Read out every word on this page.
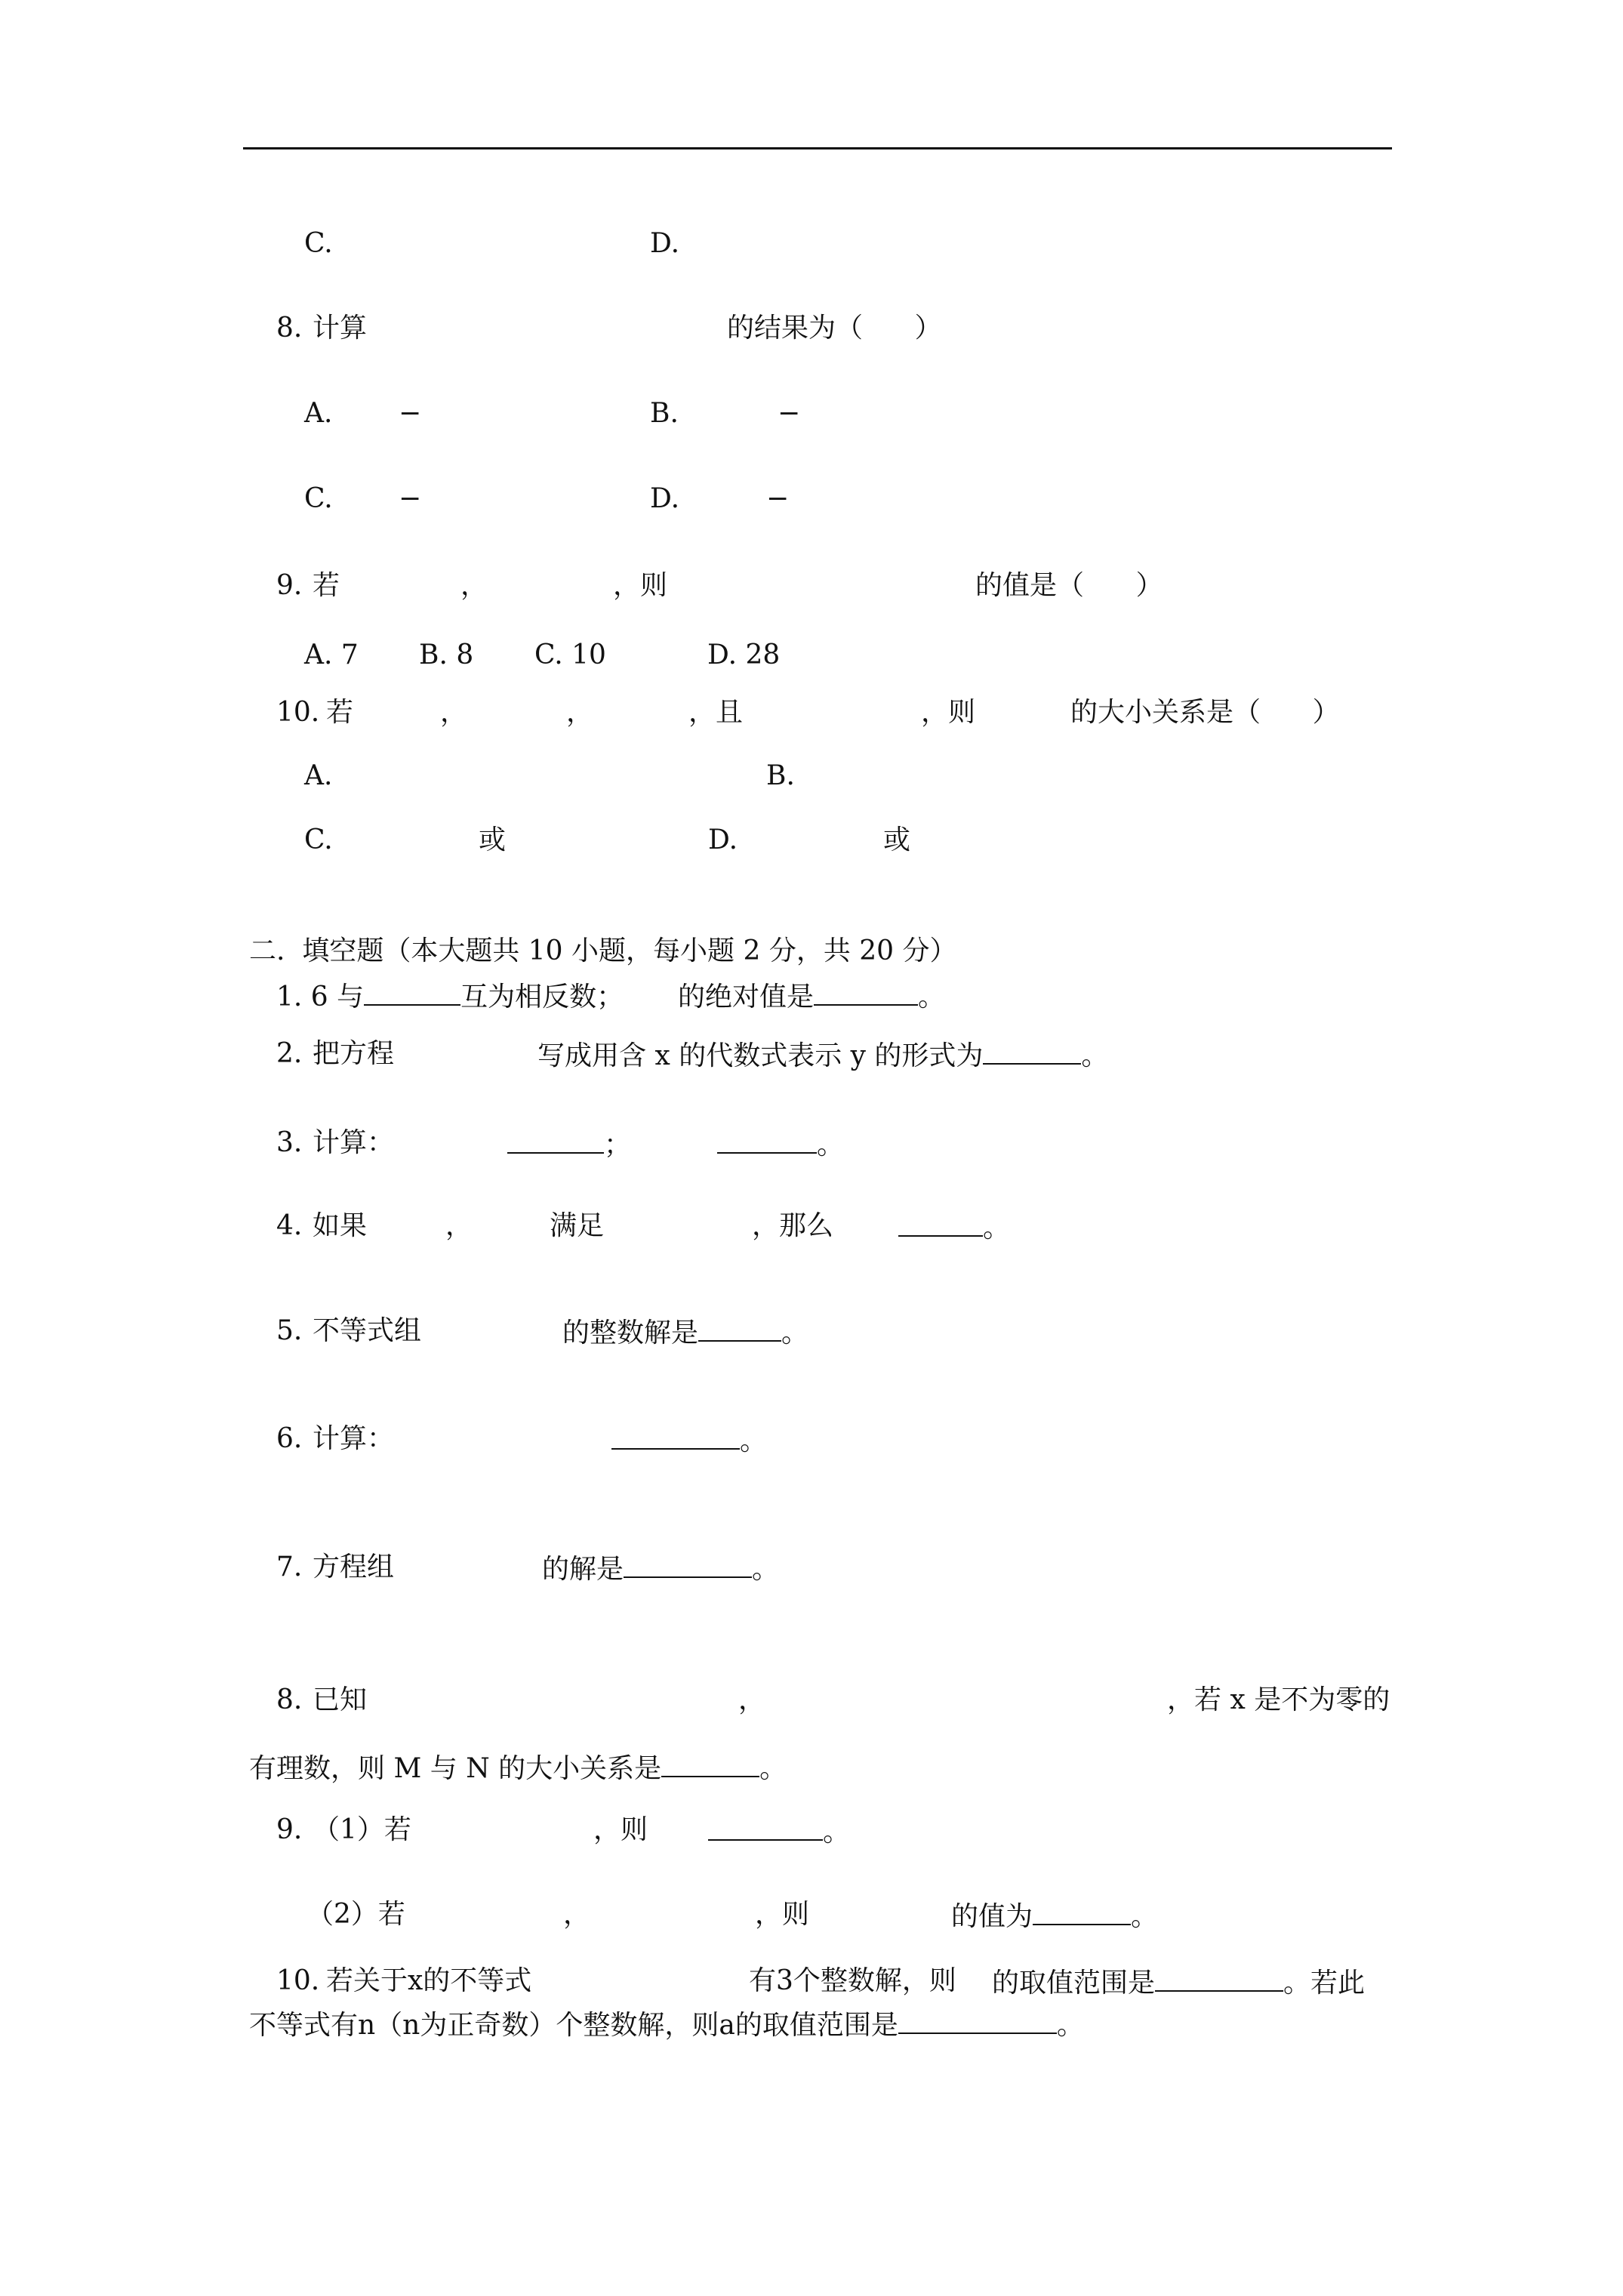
C.	D.
8. 计算	的结果为（      ）
A. −	B.	−
C. −	D.	−
9. 若	，	，则	的值是（      ）
A. 7 B. 8 C. 10	D. 28
10. 若	，	，	，且	，则	的大小关系是（      ）
A.	B.
C.	或	D.	或
二.  填空题（本大题共 10 小题，每小题 2 分，共 20 分）
1. 6 与	互为相反数； 的绝对值是	。
2. 把方程	写成用含 x 的代数式表示 y 的形式为	。
3. 计算：	；	。
4. 如果	，	满足	，那么	。
5. 不等式组	的整数解是	。
6. 计算：	。
7. 方程组	的解是	。
8. 已知	，	，若 x 是不为零的
有理数，则 M 与 N 的大小关系是	。
9. （1）若	，则	。
（2）若	，	，则	的值为	。
10. 若关于x的不等式	有3个整数解，则 的取值范围是	。若此
不等式有n（n为正奇数）个整数解，则a的取值范围是	。
